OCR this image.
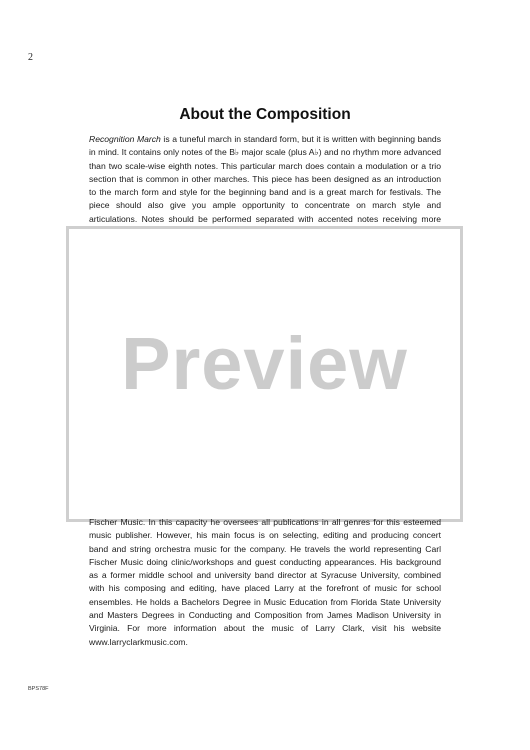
2
About the Composition

Recognition March is a tuneful march in standard form, but it is written with beginning bands in mind. It contains only notes of the B♭ major scale (plus A♭) and no rhythm more advanced than two scale-wise eighth notes. This particular march does contain a modulation or a trio section that is common in other marches. This piece has been designed as an introduction to the march form and style for the beginning band and is a great march for festivals. The piece should also give you ample opportunity to concentrate on march style and articulations. Notes should be performed separated with accented notes receiving more

Preview

Fischer Music. In this capacity he oversees all publications in all genres for this esteemed music publisher. However, his main focus is on selecting, editing and producing concert band and string orchestra music for the company. He travels the world representing Carl Fischer Music doing clinic/workshops and guest conducting appearances. His background as a former middle school and university band director at Syracuse University, combined with his composing and editing, have placed Larry at the forefront of music for school ensembles. He holds a Bachelors Degree in Music Education from Florida State University and Masters Degrees in Conducting and Composition from James Madison University in Virginia. For more information about the music of Larry Clark, visit his website www.larryclarkmusic.com.

BPS78F
